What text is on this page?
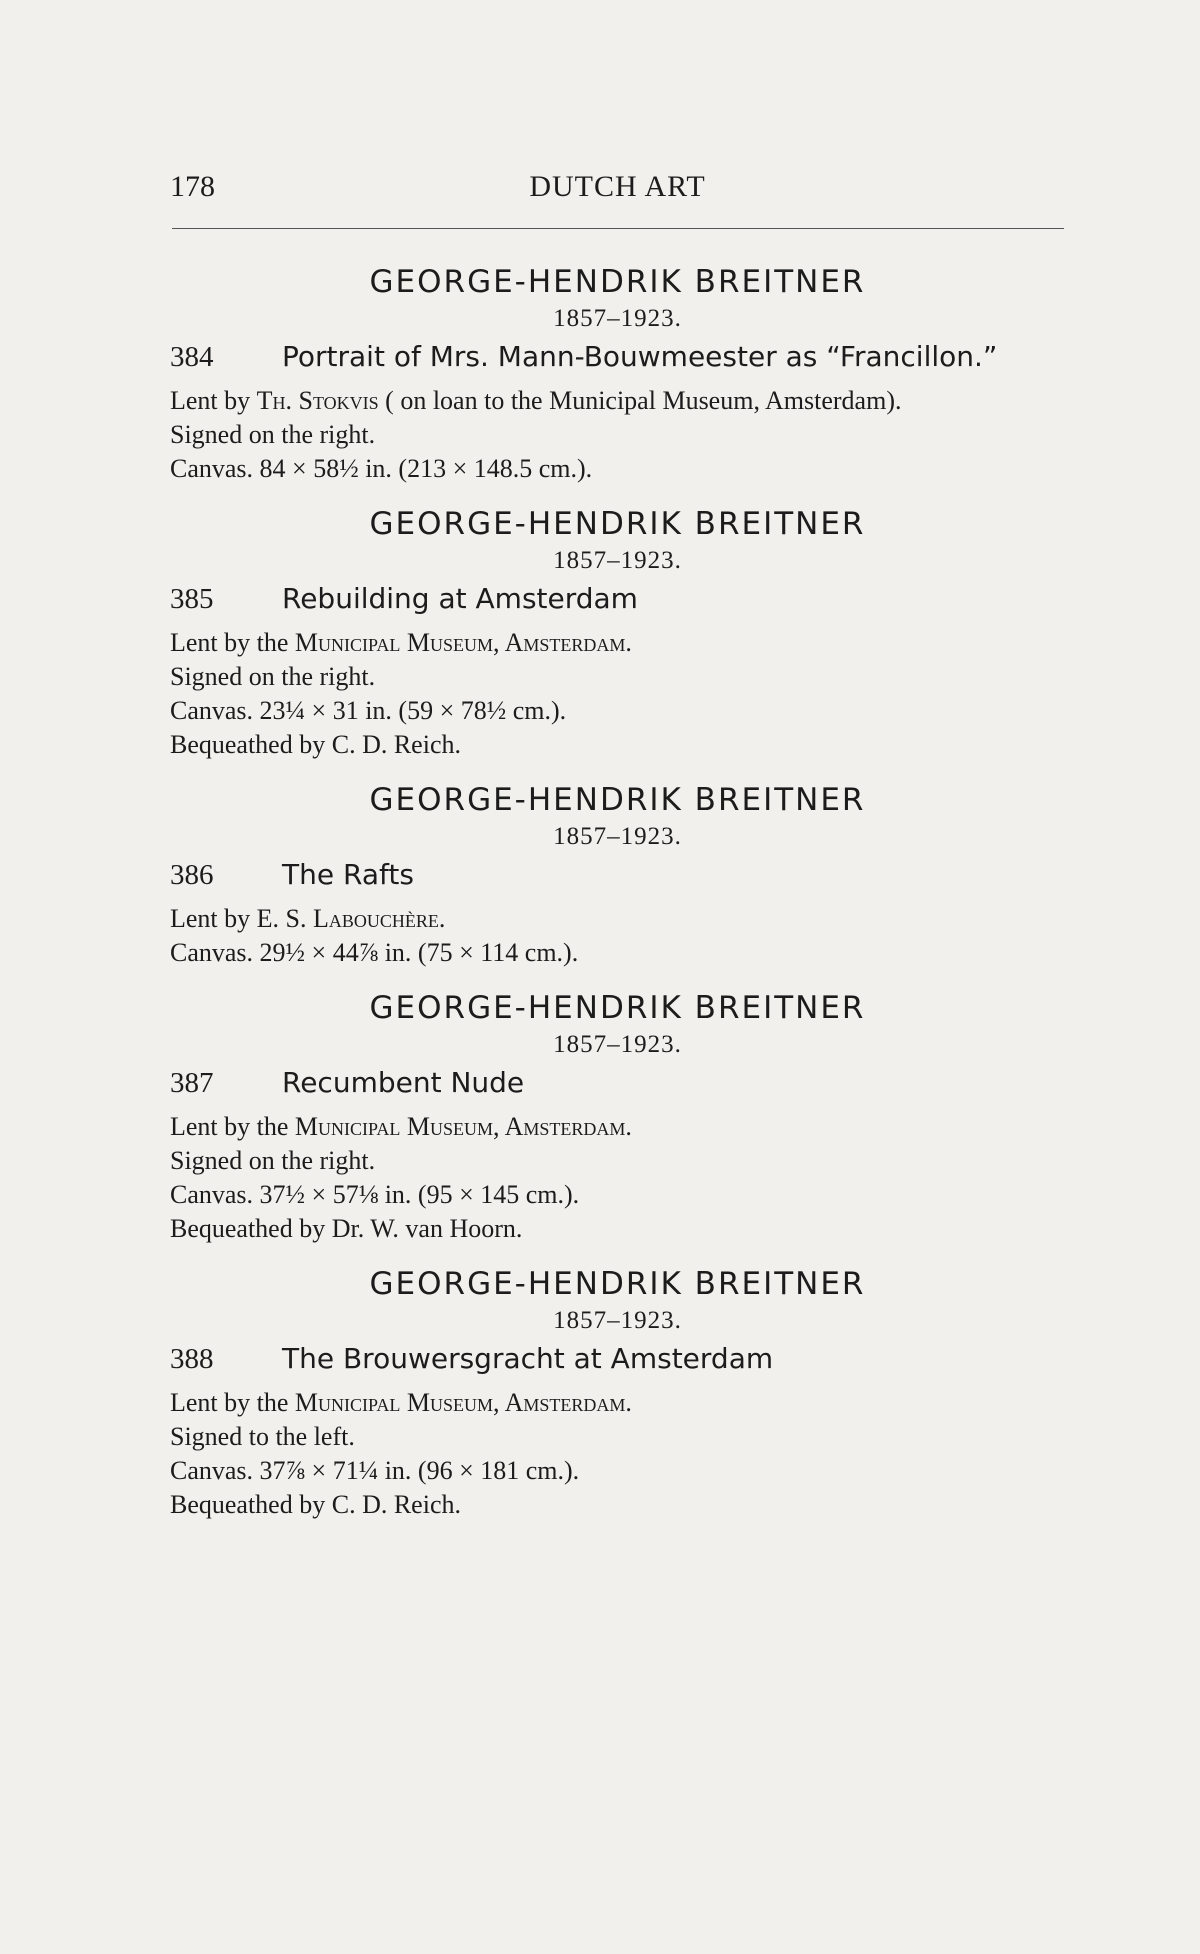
178	DUTCH ART
GEORGE-HENDRIK BREITNER
1857–1923.
384	Portrait of Mrs. Mann-Bouwmeester as “Francillon.”
Lent by Th. Stokvis ( on loan to the Municipal Museum, Amsterdam).
Signed on the right.
Canvas. 84 × 58½ in. (213 × 148.5 cm.).
GEORGE-HENDRIK BREITNER
1857–1923.
385	Rebuilding at Amsterdam
Lent by the Municipal Museum, Amsterdam.
Signed on the right.
Canvas. 23¼ × 31 in. (59 × 78½ cm.).
Bequeathed by C. D. Reich.
GEORGE-HENDRIK BREITNER
1857–1923.
386	The Rafts
Lent by E. S. Labouchère.
Canvas. 29½ × 44⅞ in. (75 × 114 cm.).
GEORGE-HENDRIK BREITNER
1857–1923.
387	Recumbent Nude
Lent by the Municipal Museum, Amsterdam.
Signed on the right.
Canvas. 37½ × 57⅛ in. (95 × 145 cm.).
Bequeathed by Dr. W. van Hoorn.
GEORGE-HENDRIK BREITNER
1857–1923.
388	The Brouwersgracht at Amsterdam
Lent by the Municipal Museum, Amsterdam.
Signed to the left.
Canvas. 37⅞ × 71¼ in. (96 × 181 cm.).
Bequeathed by C. D. Reich.
